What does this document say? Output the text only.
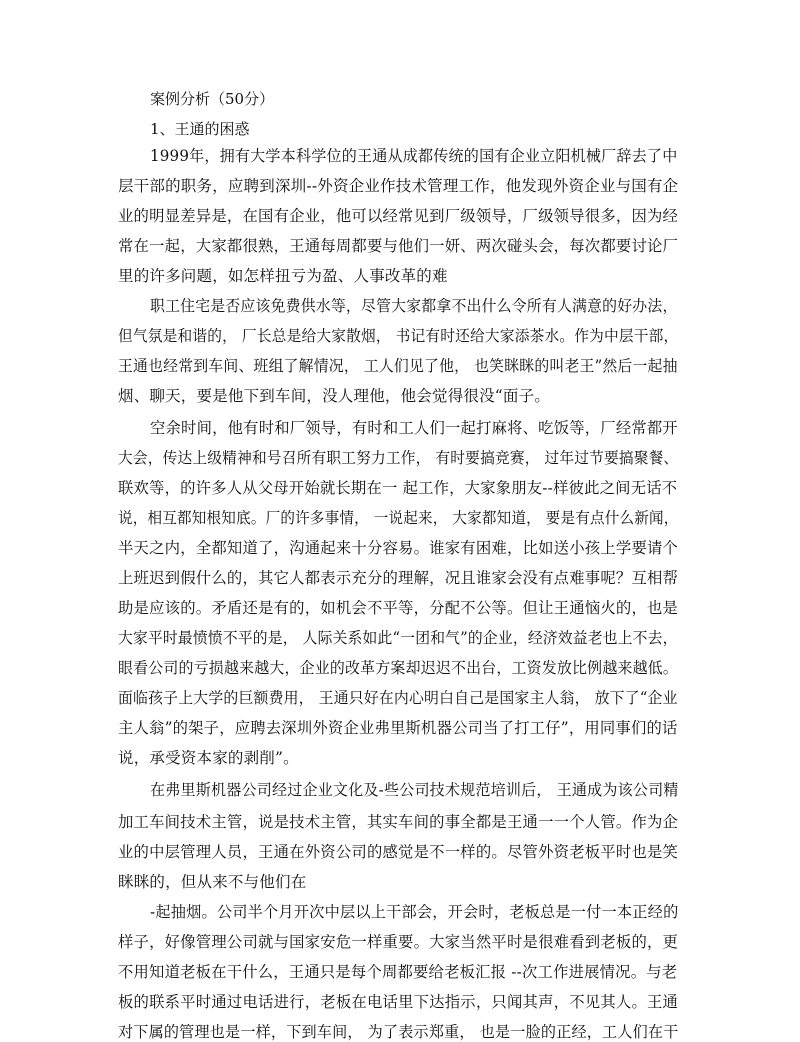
案例分析（50分）
1、王通的困惑
1999年，拥有大学本科学位的王通从成都传统的国有企业立阳机械厂辞去了中
层干部的职务，应聘到深圳--外资企业作技术管理工作，他发现外资企业与国有企
业的明显差异是，在国有企业，他可以经常见到厂级领导，厂级领导很多，因为经
常在一起，大家都很熟，王通每周都要与他们一妍、两次碰头会，每次都要讨论厂
里的许多问题，如怎样扭亏为盈、人事改革的难
职工住宅是否应该免费供水等，尽管大家都拿不出什么令所有人满意的好办法，
但气氛是和谐的， 厂长总是给大家散烟， 书记有时还给大家添茶水。作为中层干部，
王通也经常到车间、班组了解情况， 工人们见了他， 也笑眯眯的叫老王”然后一起抽
烟、聊天，要是他下到车间，没人理他，他会觉得很没“面子。
空余时间，他有时和厂领导，有时和工人们一起打麻将、吃饭等，厂经常都开
大会，传达上级精神和号召所有职工努力工作， 有时要搞竞赛， 过年过节要搞聚餐、
联欢等，的许多人从父母开始就长期在一 起工作，大家象朋友--样彼此之间无话不
说，相互都知根知底。厂的许多事情， 一说起来， 大家都知道， 要是有点什么新闻，
半天之内，全都知道了，沟通起来十分容易。谁家有困难，比如送小孩上学要请个
上班迟到假什么的，其它人都表示充分的理解，况且谁家会没有点难事呢？互相帮
助是应该的。矛盾还是有的，如机会不平等，分配不公等。但让王通恼火的，也是
大家平时最愤愤不平的是， 人际关系如此“一团和气”的企业，经济效益老也上不去，
眼看公司的亏损越来越大，企业的改革方案却迟迟不出台，工资发放比例越来越低。
面临孩子上大学的巨额费用， 王通只好在内心明白自己是国家主人翁， 放下了“企业
主人翁”的架子，应聘去深圳外资企业弗里斯机器公司当了打工仔”，用同事们的话
说，承受资本家的剥削”。
在弗里斯机器公司经过企业文化及-些公司技术规范培训后， 王通成为该公司精
加工车间技术主管，说是技术主管，其实车间的事全都是王通一一个人管。作为企
业的中层管理人员，王通在外资公司的感觉是不一样的。尽管外资老板平时也是笑
眯眯的，但从来不与他们在
-起抽烟。公司半个月开次中层以上干部会，开会时，老板总是一付一本正经的
样子，好像管理公司就与国家安危一样重要。大家当然平时是很难看到老板的，更
不用知道老板在干什么，王通只是每个周都要给老板汇报 --次工作进展情况。与老
板的联系平时通过电话进行，老板在电话里下达指示，只闻其声，不见其人。王通
对下属的管理也是一样，下到车间， 为了表示郑重， 也是一脸的正经，工人们在干
